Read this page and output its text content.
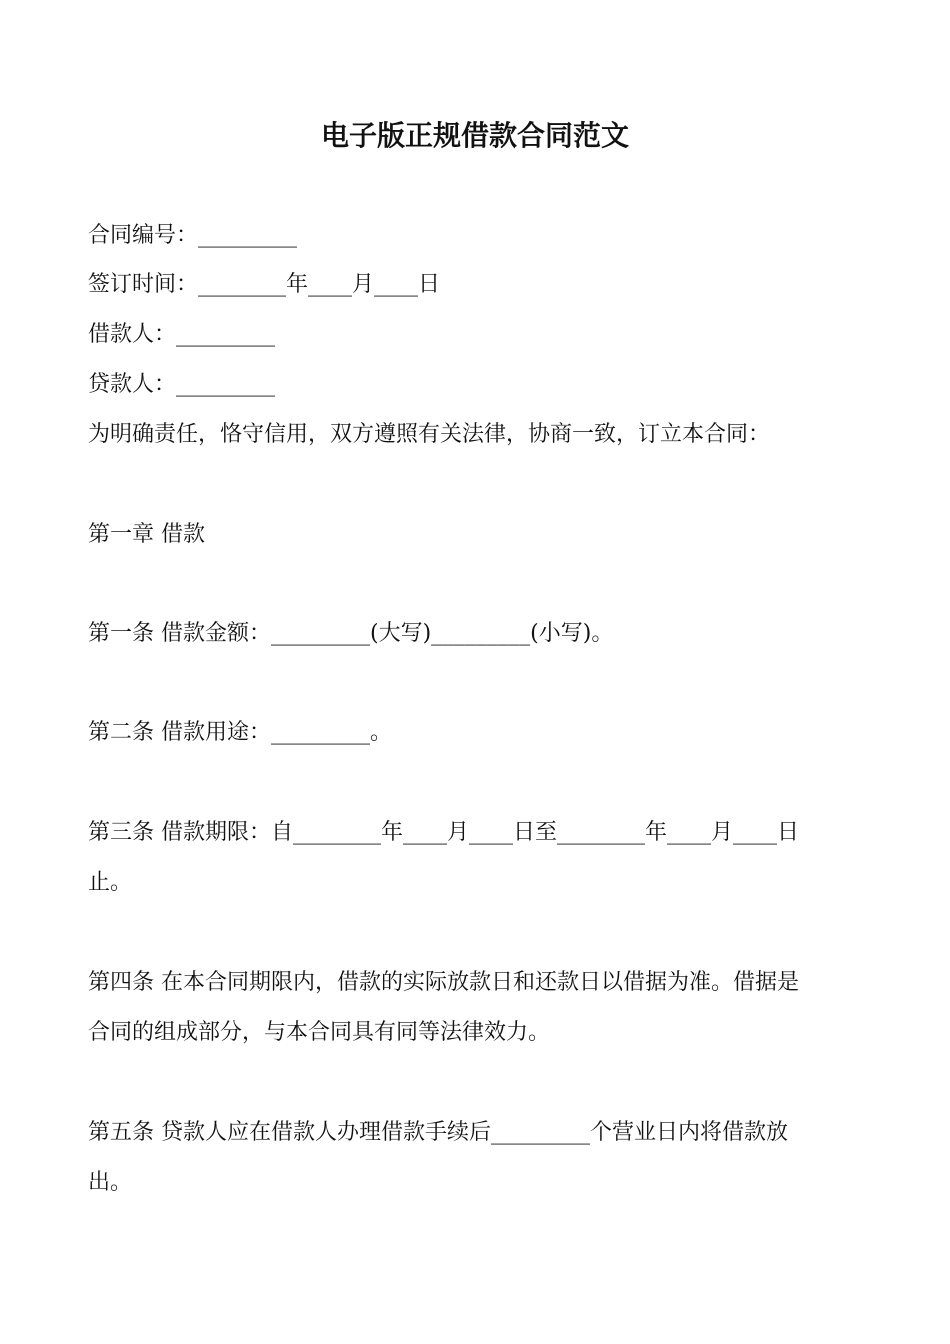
电子版正规借款合同范文
合同编号：_________
签订时间：________年____月____日
借款人：_________
贷款人：_________
为明确责任，恪守信用，双方遵照有关法律，协商一致，订立本合同：
第一章 借款
第一条 借款金额：_________(大写)_________(小写)。
第二条 借款用途：_________。
第三条 借款期限：自________年____月____日至________年____月____日
止。
第四条 在本合同期限内，借款的实际放款日和还款日以借据为准。借据是
合同的组成部分，与本合同具有同等法律效力。
第五条 贷款人应在借款人办理借款手续后_________个营业日内将借款放
出。
